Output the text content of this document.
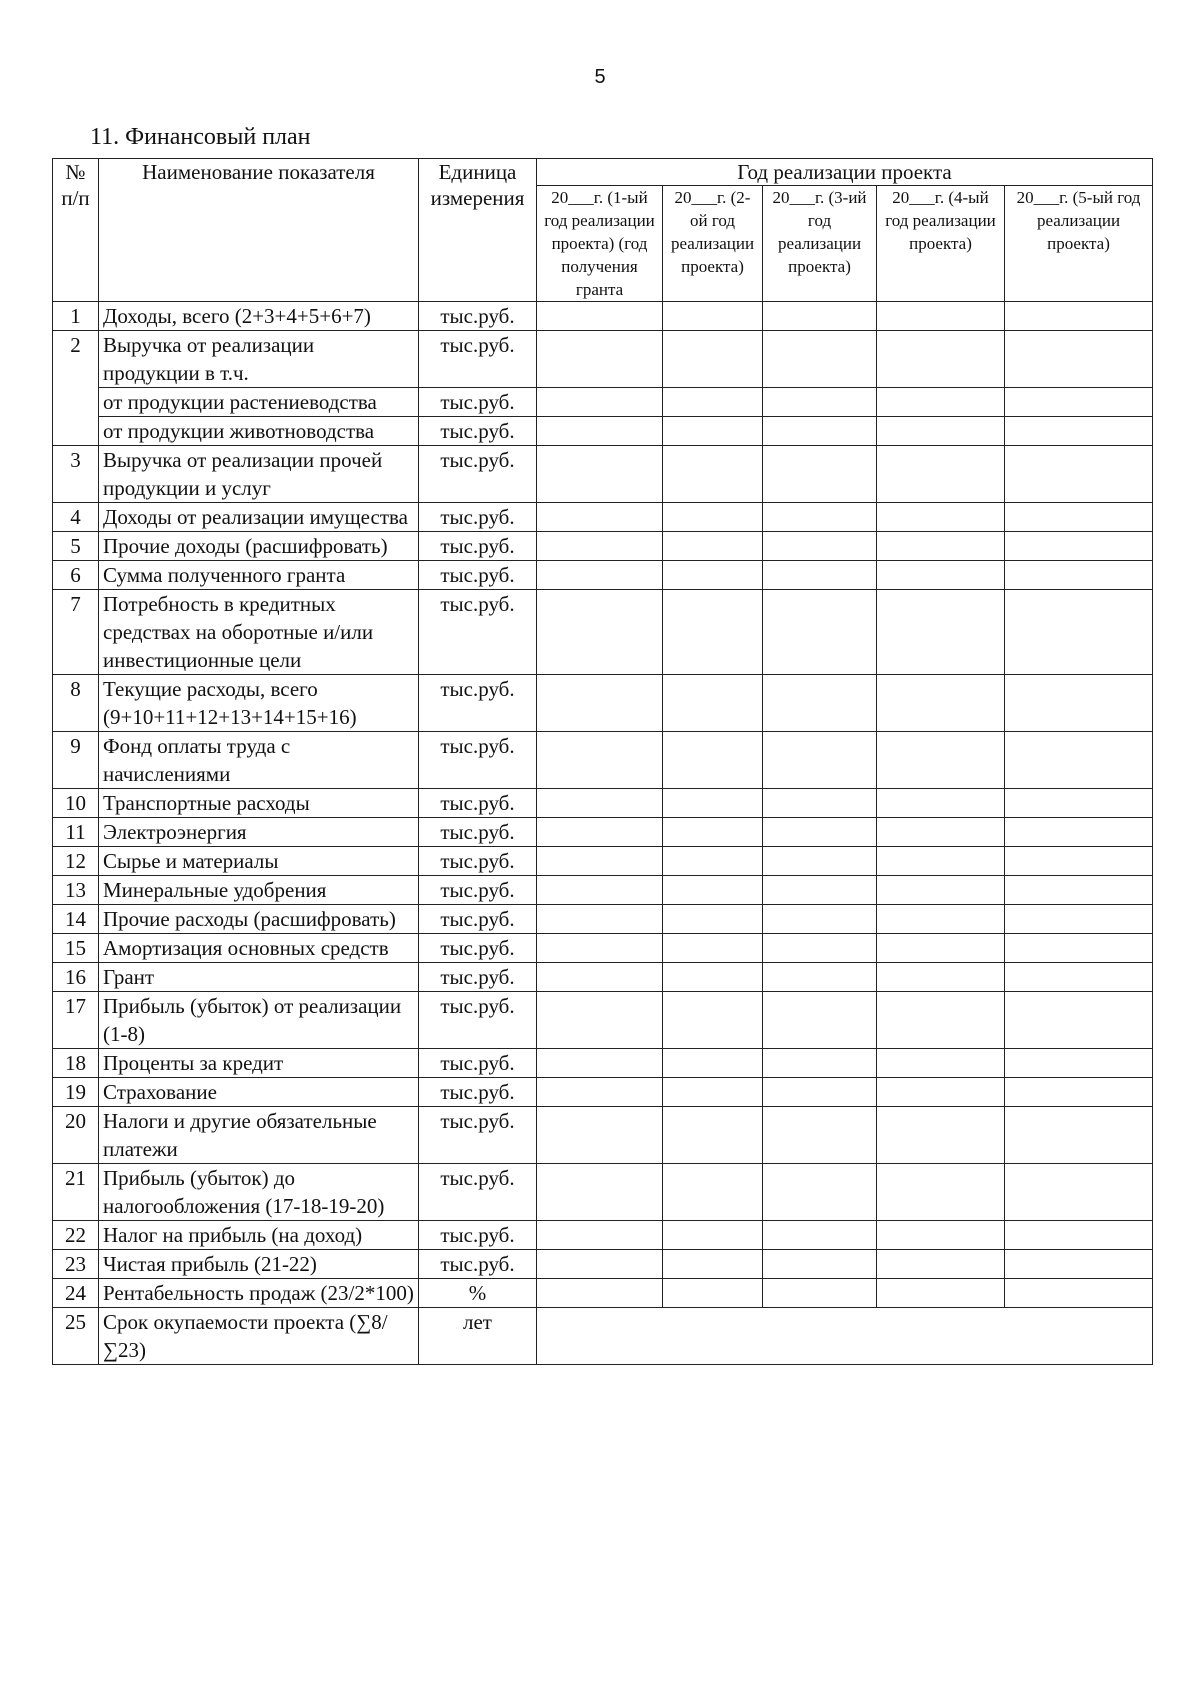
5
11. Финансовый план
№ п/п	Наименование показателя	Единица измерения	Год реализации проекта				
			20___г. (1-ый год реализации проекта) (год получения гранта	20___г. (2-ой год реализации проекта)	20___г. (3-ий год реализации проекта)	20___г. (4-ый год реализации проекта)	20___г. (5-ый год реализации проекта)
1	Доходы, всего (2+3+4+5+6+7)	тыс.руб.					
2	Выручка от реализации продукции в т.ч.	тыс.руб.					
	от продукции растениеводства	тыс.руб.					
	от продукции животноводства	тыс.руб.					
3	Выручка от реализации прочей продукции и услуг	тыс.руб.					
4	Доходы от реализации имущества	тыс.руб.					
5	Прочие доходы (расшифровать)	тыс.руб.					
6	Сумма полученного гранта	тыс.руб.					
7	Потребность в кредитных средствах на оборотные и/или инвестиционные цели	тыс.руб.					
8	Текущие расходы, всего (9+10+11+12+13+14+15+16)	тыс.руб.					
9	Фонд оплаты труда с начислениями	тыс.руб.					
10	Транспортные расходы	тыс.руб.					
11	Электроэнергия	тыс.руб.					
12	Сырье и материалы	тыс.руб.					
13	Минеральные удобрения	тыс.руб.					
14	Прочие расходы (расшифровать)	тыс.руб.					
15	Амортизация основных средств	тыс.руб.					
16	Грант	тыс.руб.					
17	Прибыль (убыток) от реализации (1-8)	тыс.руб.					
18	Проценты за кредит	тыс.руб.					
19	Страхование	тыс.руб.					
20	Налоги и другие обязательные платежи	тыс.руб.					
21	Прибыль (убыток) до налогообложения (17-18-19-20)	тыс.руб.					
22	Налог на прибыль (на доход)	тыс.руб.					
23	Чистая прибыль (21-22)	тыс.руб.					
24	Рентабельность продаж (23/2*100)	%					
25	Срок окупаемости проекта (∑8/∑23)	лет					
